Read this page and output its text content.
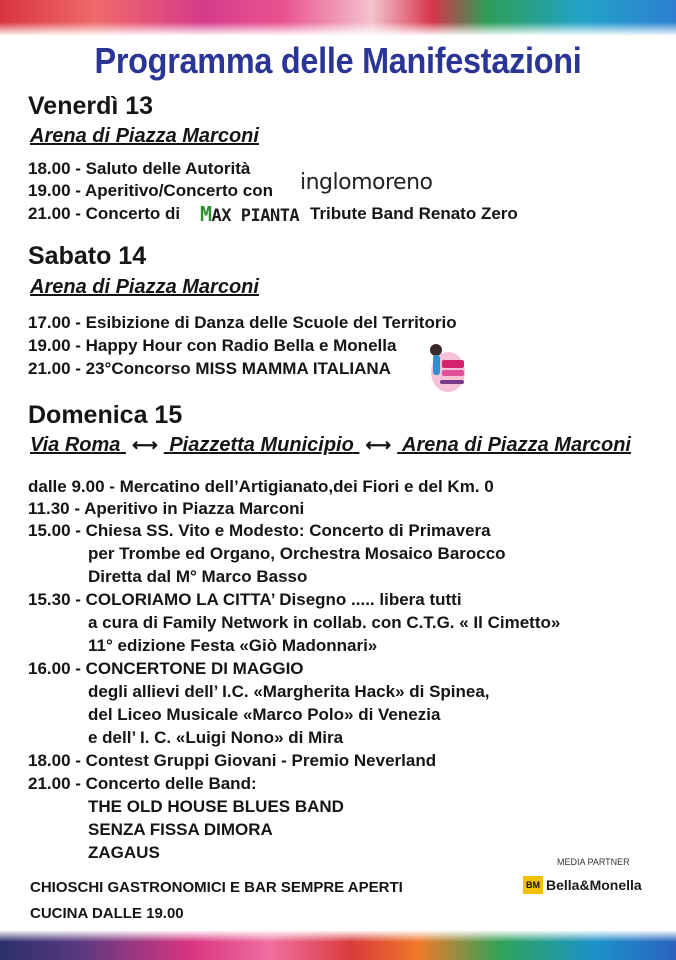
Programma delle Manifestazioni
Venerdì 13
Arena di Piazza Marconi
18.00 - Saluto delle Autorità
19.00 - Aperitivo/Concerto con inglomoreno
21.00 - Concerto di MAX PIANTA Tribute Band Renato Zero
Sabato 14
Arena di Piazza Marconi
17.00 - Esibizione di Danza delle Scuole del Territorio
19.00 - Happy Hour con Radio Bella e Monella
21.00 - 23°Concorso MISS MAMMA ITALIANA
Domenica 15
Via Roma ⟷ Piazzetta Municipio ⟷ Arena di Piazza Marconi
dalle 9.00 - Mercatino dell’Artigianato,dei Fiori e del Km. 0
11.30 - Aperitivo in Piazza Marconi
15.00 - Chiesa SS. Vito e Modesto: Concerto di Primavera
per Trombe ed Organo, Orchestra Mosaico Barocco
Diretta dal M° Marco Basso
15.30 - COLORIAMO LA CITTA’ Disegno ..... libera tutti
a cura di Family Network in collab. con C.T.G. « Il Cimetto»
11° edizione Festa «Giò Madonnari»
16.00 - CONCERTONE DI MAGGIO
degli allievi dell’ I.C. «Margherita Hack» di Spinea,
del Liceo Musicale «Marco Polo» di Venezia
e dell’ I. C. «Luigi Nono» di Mira
18.00 - Contest Gruppi Giovani - Premio Neverland
21.00 - Concerto delle Band:
THE OLD HOUSE BLUES BAND
SENZA FISSA DIMORA
ZAGAUS	MEDIA PARTNER
BM Bella&Monella
CHIOSCHI GASTRONOMICI E BAR SEMPRE APERTI
CUCINA DALLE 19.00
